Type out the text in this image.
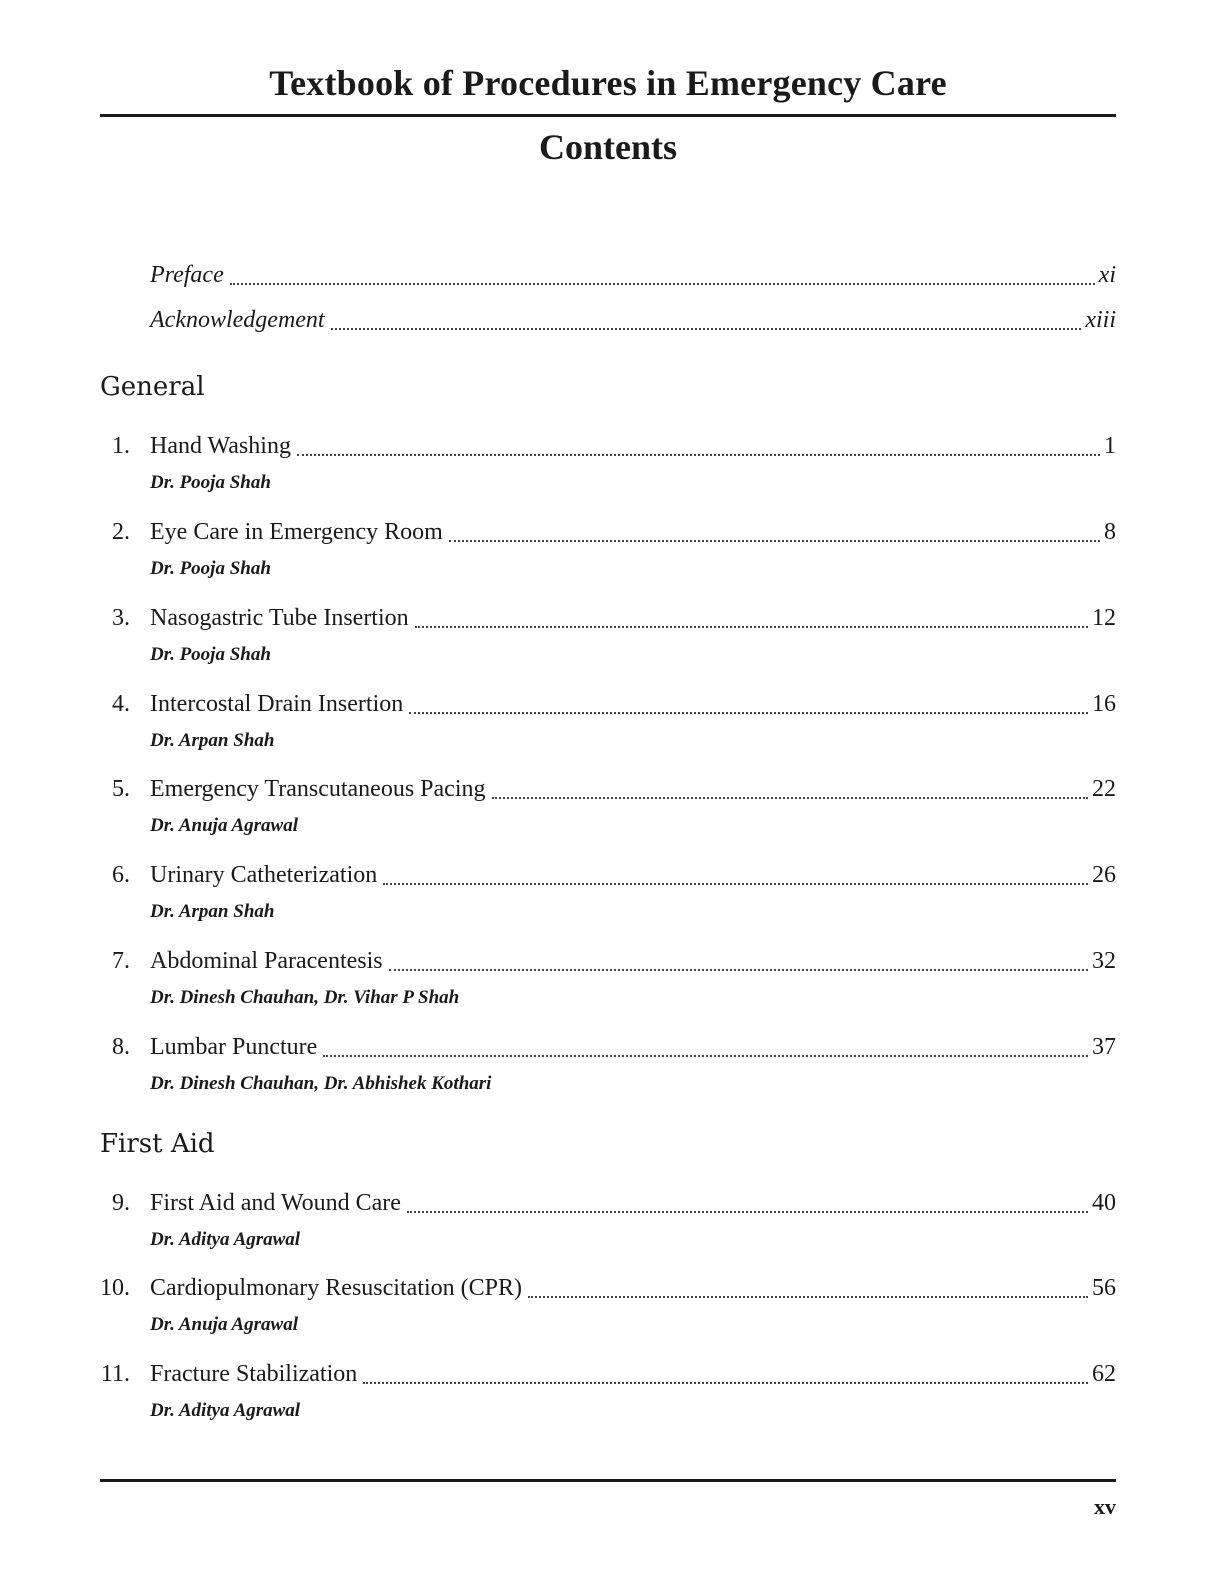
Textbook of Procedures in Emergency Care
Contents
Preface	xi
Acknowledgement	xiii
General
1. Hand Washing	1
Dr. Pooja Shah
2. Eye Care in Emergency Room	8
Dr. Pooja Shah
3. Nasogastric Tube Insertion	12
Dr. Pooja Shah
4. Intercostal Drain Insertion	16
Dr. Arpan Shah
5. Emergency Transcutaneous Pacing	22
Dr. Anuja Agrawal
6. Urinary Catheterization	26
Dr. Arpan Shah
7. Abdominal Paracentesis	32
Dr. Dinesh Chauhan, Dr. Vihar P Shah
8. Lumbar Puncture	37
Dr. Dinesh Chauhan, Dr. Abhishek Kothari
First Aid
9. First Aid and Wound Care	40
Dr. Aditya Agrawal
10. Cardiopulmonary Resuscitation (CPR)	56
Dr. Anuja Agrawal
11. Fracture Stabilization	62
Dr. Aditya Agrawal
xv
